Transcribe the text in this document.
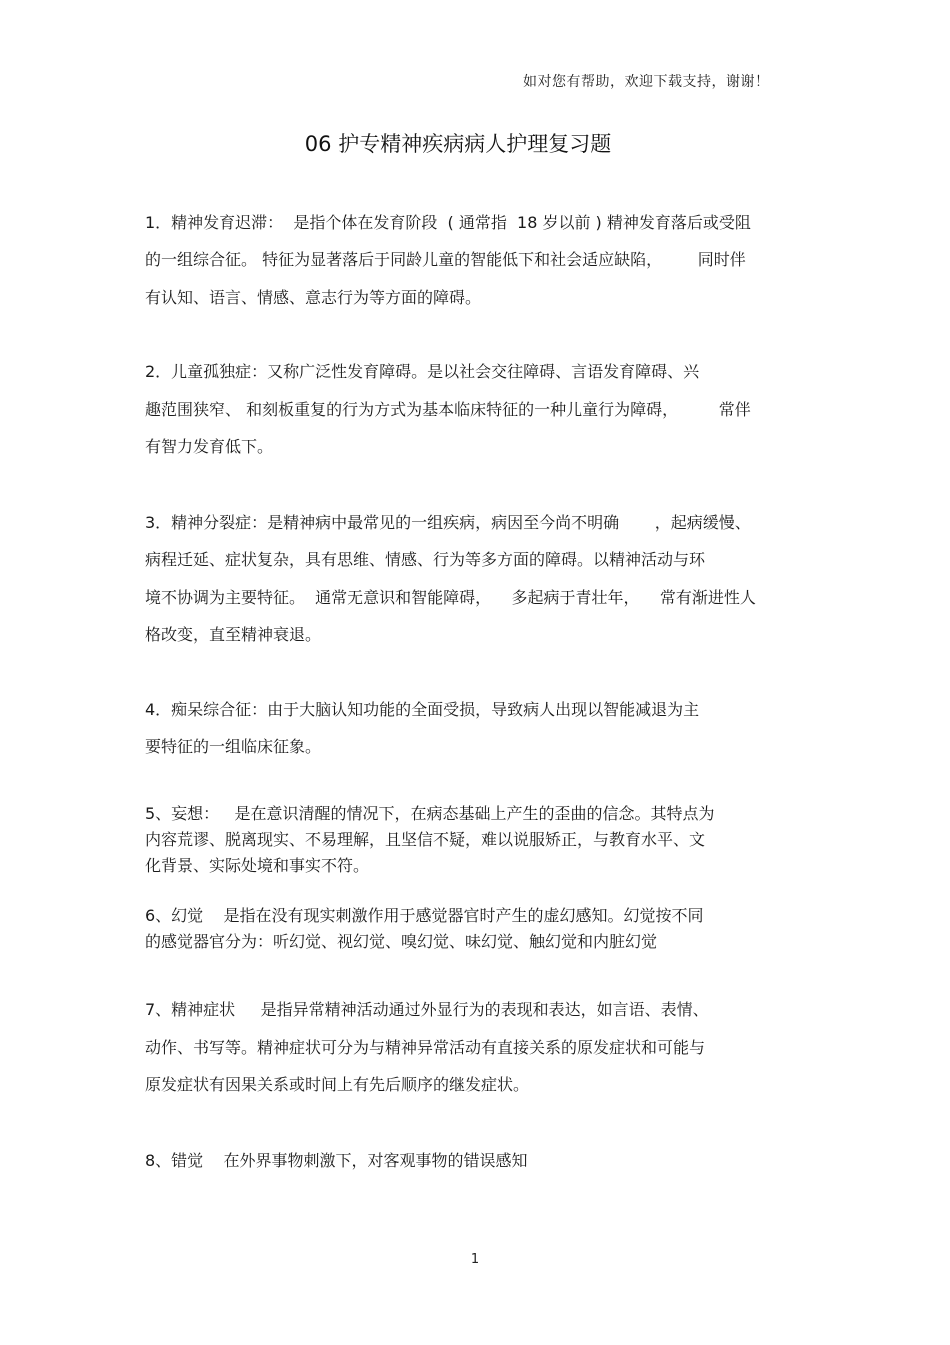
如对您有帮助，欢迎下载支持，谢谢！
06 护专精神疾病病人护理复习题
1．精神发育迟滞：  是指个体在发育阶段  ( 通常指  18 岁以前 ) 精神发育落后或受阻
的一组综合征。 特征为显著落后于同龄儿童的智能低下和社会适应缺陷，       同时伴
有认知、语言、情感、意志行为等方面的障碍。
2．儿童孤独症：又称广泛性发育障碍。是以社会交往障碍、言语发育障碍、兴
趣范围狭窄、 和刻板重复的行为方式为基本临床特征的一种儿童行为障碍，        常伴
有智力发育低下。
3．精神分裂症：是精神病中最常见的一组疾病，病因至今尚不明确       ，起病缓慢、
病程迁延、症状复杂，具有思维、情感、行为等多方面的障碍。以精神活动与环
境不协调为主要特征。  通常无意识和智能障碍，    多起病于青壮年，    常有渐进性人
格改变，直至精神衰退。
4．痴呆综合征：由于大脑认知功能的全面受损，导致病人出现以智能减退为主
要特征的一组临床征象。
5、妄想：   是在意识清醒的情况下，在病态基础上产生的歪曲的信念。其特点为
内容荒谬、脱离现实、不易理解，且坚信不疑，难以说服矫正，与教育水平、文
化背景、实际处境和事实不符。
6、幻觉    是指在没有现实刺激作用于感觉器官时产生的虚幻感知。幻觉按不同
的感觉器官分为：听幻觉、视幻觉、嗅幻觉、味幻觉、触幻觉和内脏幻觉
7、精神症状     是指异常精神活动通过外显行为的表现和表达，如言语、表情、
动作、书写等。精神症状可分为与精神异常活动有直接关系的原发症状和可能与
原发症状有因果关系或时间上有先后顺序的继发症状。
8、错觉    在外界事物刺激下，对客观事物的错误感知
1
